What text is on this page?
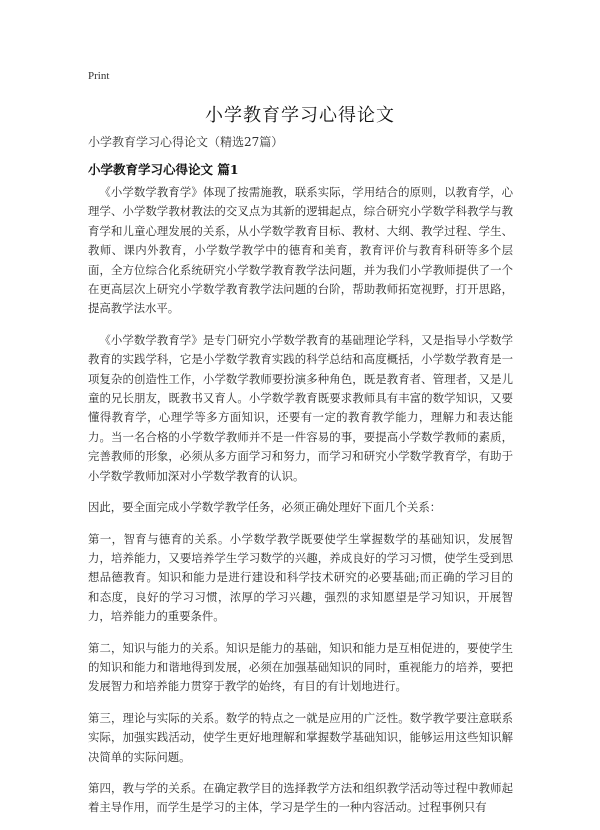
Print
小学教育学习心得论文
小学教育学习心得论文（精选27篇）
小学教育学习心得论文 篇1

《小学数学教育学》体现了按需施教，联系实际，学用结合的原则，以教育学，心理学、小学数学教材教法的交叉点为其新的逻辑起点，综合研究小学数学科教学与教育学和儿童心理发展的关系，从小学数学教育目标、教材、大纲、教学过程、学生、教师、课内外教育，小学数学教学中的德育和美育，教育评价与教育科研等多个层面，全方位综合化系统研究小学数学教育教学法问题，并为我们小学教师提供了一个在更高层次上研究小学数学教育教学法问题的台阶，帮助教师拓宽视野，打开思路，提高教学法水平。

《小学数学教育学》是专门研究小学数学教育的基础理论学科，又是指导小学数学教育的实践学科，它是小学数学教育实践的科学总结和高度概括，小学数学教育是一项复杂的创造性工作，小学数学教师要扮演多种角色，既是教育者、管理者，又是儿童的兄长朋友，既教书又育人。小学数学教育既要求教师具有丰富的数学知识，又要懂得教育学，心理学等多方面知识，还要有一定的教育教学能力，理解力和表达能力。当一名合格的小学数学教师并不是一件容易的事，要提高小学数学教师的素质，完善教师的形象，必须从多方面学习和努力，而学习和研究小学数学教育学，有助于小学数学教师加深对小学数学教育的认识。

因此，要全面完成小学数学教学任务，必须正确处理好下面几个关系：

第一，智育与德育的关系。小学数学教学既要使学生掌握数学的基础知识，发展智力，培养能力，又要培养学生学习数学的兴趣，养成良好的学习习惯，使学生受到思想品德教育。知识和能力是进行建设和科学技术研究的必要基础;而正确的学习目的和态度，良好的学习习惯，浓厚的学习兴趣，强烈的求知愿望是学习知识，开展智力，培养能力的重要条件。

第二，知识与能力的关系。知识是能力的基础，知识和能力是互相促进的，要使学生的知识和能力和谐地得到发展，必须在加强基础知识的同时，重视能力的培养，要把发展智力和培养能力贯穿于教学的始终，有目的有计划地进行。

第三，理论与实际的关系。数学的特点之一就是应用的广泛性。数学教学要注意联系实际，加强实践活动，使学生更好地理解和掌握数学基础知识，能够运用这些知识解决简单的实际问题。

第四，教与学的关系。在确定教学目的选择教学方法和组织教学活动等过程中教师起着主导作用，而学生是学习的主体，学习是学生的一种内容活动。过程事例只有
